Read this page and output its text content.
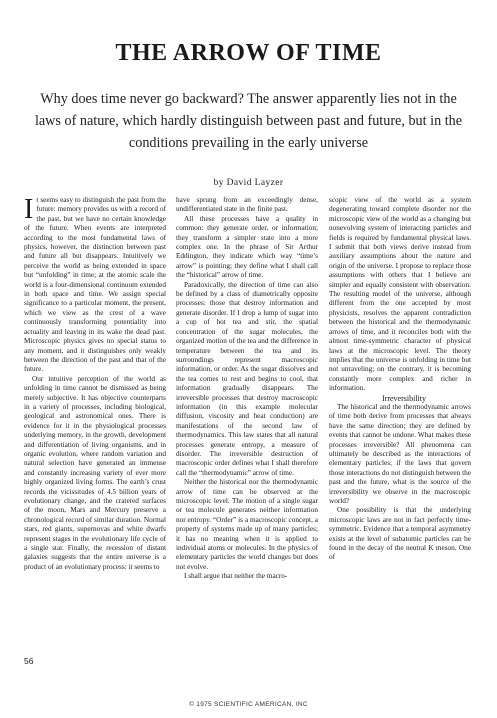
THE ARROW OF TIME

Why does time never go backward? The answer apparently lies not in the laws of nature, which hardly distinguish between past and future, but in the conditions prevailing in the early universe

by David Layzer

It seems easy to distinguish the past from the future: memory provides us with a record of the past, but we have no certain knowledge of the future. When events are interpreted according to the most fundamental laws of physics, however, the distinction between past and future all but disappears. Intuitively we perceive the world as being extended in space but “unfolding” in time; at the atomic scale the world is a four-dimensional continuum extended in both space and time. We assign special significance to a particular moment, the present, which we view as the crest of a wave continuously transforming potentiality into actuality and leaving in its wake the dead past. Microscopic physics gives no special status to any moment, and it distinguishes only weakly between the direction of the past and that of the future.

Our intuitive perception of the world as unfolding in time cannot be dismissed as being merely subjective. It has objective counterparts in a variety of processes, including biological, geological and astronomical ones. There is evidence for it in the physiological processes underlying memory, in the growth, development and differentiation of living organisms, and in organic evolution, where random variation and natural selection have generated an immense and constantly increasing variety of ever more highly organized living forms. The earth’s crust records the vicissitudes of 4.5 billion years of evolutionary change, and the cratered surfaces of the moon, Mars and Mercury preserve a chronological record of similar duration. Normal stars, red giants, supernovas and white dwarfs represent stages in the evolutionary life cycle of a single star. Finally, the recession of distant galaxies suggests that the entire universe is a product of an evolutionary process: it seems to

have sprung from an exceedingly dense, undifferentiated state in the finite past.

All these processes have a quality in common: they generate order, or information; they transform a simpler state into a more complex one. In the phrase of Sir Arthur Eddington, they indicate which way “time’s arrow” is pointing; they define what I shall call the “historical” arrow of time.

Paradoxically, the direction of time can also be defined by a class of diametrically opposite processes: those that destroy information and generate disorder. If I drop a lump of sugar into a cup of hot tea and stir, the spatial concentration of the sugar molecules, the organized motion of the tea and the difference in temperature between the tea and its surroundings represent macroscopic information, or order. As the sugar dissolves and the tea comes to rest and begins to cool, that information gradually disappears. The irreversible processes that destroy macroscopic information (in this example molecular diffusion, viscosity and heat conduction) are manifestations of the second law of thermodynamics. This law states that all natural processes generate entropy, a measure of disorder. The irreversible destruction of macroscopic order defines what I shall therefore call the “thermodynamic” arrow of time.

Neither the historical nor the thermodynamic arrow of time can be observed at the microscopic level. The motion of a single sugar or tea molecule generates neither information nor entropy. “Order” is a macroscopic concept, a property of systems made up of many particles; it has no meaning when it is applied to individual atoms or molecules. In the physics of elementary particles the world changes but does not evolve.

I shall argue that neither the macro-

scopic view of the world as a system degenerating toward complete disorder nor the microscopic view of the world as a changing but nonevolving system of interacting particles and fields is required by fundamental physical laws. I submit that both views derive instead from auxiliary assumptions about the nature and origin of the universe. I propose to replace those assumptions with others that I believe are simpler and equally consistent with observation. The resulting model of the universe, although different from the one accepted by most physicists, resolves the apparent contradiction between the historical and the thermodynamic arrows of time, and it reconciles both with the almost time-symmetric character of physical laws at the microscopic level. The theory implies that the universe is unfolding in time but not unraveling; on the contrary, it is becoming constantly more complex and richer in information.

Irreversibility

The historical and the thermodynamic arrows of time both derive from processes that always have the same direction; they are defined by events that cannot be undone. What makes these processes irreversible? All phenomena can ultimately be described as the interactions of elementary particles; if the laws that govern those interactions do not distinguish between the past and the future, what is the source of the irreversibility we observe in the macroscopic world?

One possibility is that the underlying microscopic laws are not in fact perfectly time-symmetric. Evidence that a temporal asymmetry exists at the level of subatomic particles can be found in the decay of the neutral K meson. One of

56
© 1975 SCIENTIFIC AMERICAN, INC
